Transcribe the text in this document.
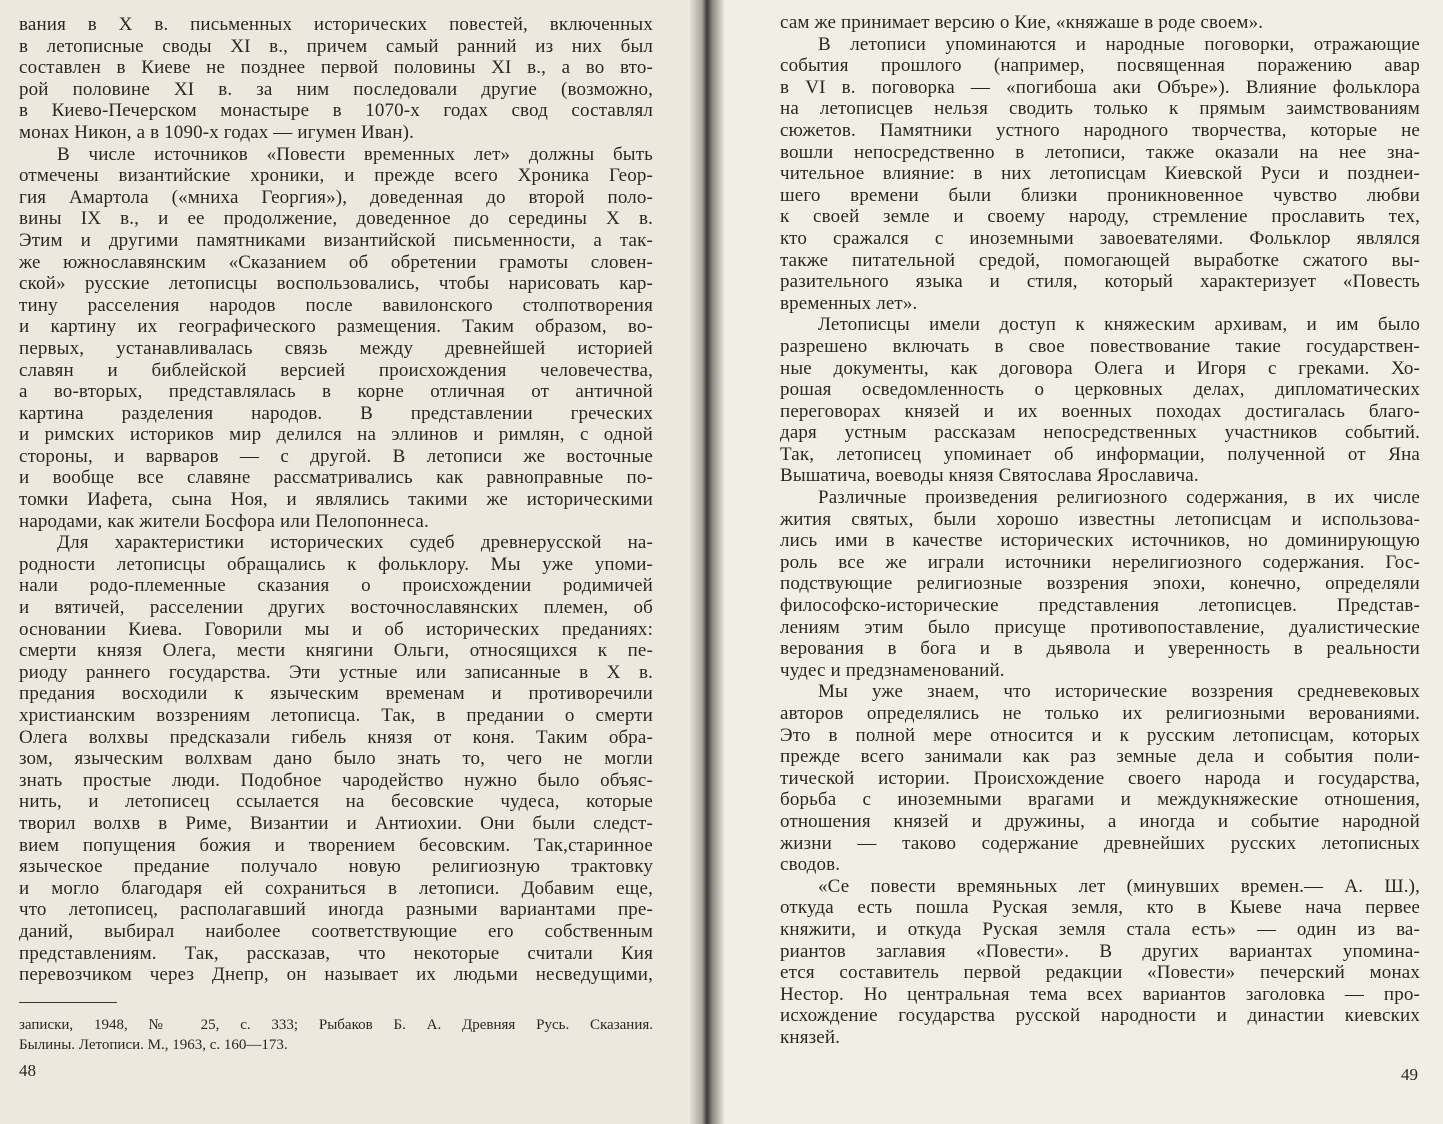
вания в X в. письменных исторических повестей, включенных
в летописные своды XI в., причем самый ранний из них был
составлен в Киеве не позднее первой половины XI в., а во вто-
рой половине XI в. за ним последовали другие (возможно,
в Киево-Печерском монастыре в 1070-х годах свод составлял
монах Никон, а в 1090-х годах — игумен Иван).
В числе источников «Повести временных лет» должны быть
отмечены византийские хроники, и прежде всего Хроника Геор-
гия Амартола («мниха Георгия»), доведенная до второй поло-
вины IX в., и ее продолжение, доведенное до середины X в.
Этим и другими памятниками византийской письменности, а так-
же южнославянским «Сказанием об обретении грамоты словен-
ской» русские летописцы воспользовались, чтобы нарисовать кар-
тину расселения народов после вавилонского столпотворения
и картину их географического размещения. Таким образом, во-
первых, устанавливалась связь между древнейшей историей
славян и библейской версией происхождения человечества,
а во-вторых, представлялась в корне отличная от античной
картина разделения народов. В представлении греческих
и римских историков мир делился на эллинов и римлян, с одной
стороны, и варваров — с другой. В летописи же восточные
и вообще все славяне рассматривались как равноправные по-
томки Иафета, сына Ноя, и являлись такими же историческими
народами, как жители Босфора или Пелопоннеса.
Для характеристики исторических судеб древнерусской на-
родности летописцы обращались к фольклору. Мы уже упоми-
нали родо-племенные сказания о происхождении родимичей
и вятичей, расселении других восточнославянских племен, об
основании Киева. Говорили мы и об исторических преданиях:
смерти князя Олега, мести княгини Ольги, относящихся к пе-
риоду раннего государства. Эти устные или записанные в X в.
предания восходили к языческим временам и противоречили
христианским воззрениям летописца. Так, в предании о смерти
Олега волхвы предсказали гибель князя от коня. Таким обра-
зом, языческим волхвам дано было знать то, чего не могли
знать простые люди. Подобное чародейство нужно было объяс-
нить, и летописец ссылается на бесовские чудеса, которые
творил волхв в Риме, Византии и Антиохии. Они были следст-
вием попущения божия и творением бесовским. Так,старинное
языческое предание получало новую религиозную трактовку
и могло благодаря ей сохраниться в летописи. Добавим еще,
что летописец, располагавший иногда разными вариантами пре-
даний, выбирал наиболее соответствующие его собственным
представлениям. Так, рассказав, что некоторые считали Кия
перевозчиком через Днепр, он называет их людьми несведущими,
записки, 1948, № 25, с. 333; Рыбаков Б. А. Древняя Русь. Сказания.
Былины. Летописи. М., 1963, с. 160—173.
48
сам же принимает версию о Кие, «княжаше в роде своем».
В летописи упоминаются и народные поговорки, отражающие
события прошлого (например, посвященная поражению авар
в VI в. поговорка — «погибоша аки Объре»). Влияние фольклора
на летописцев нельзя сводить только к прямым заимствованиям
сюжетов. Памятники устного народного творчества, которые не
вошли непосредственно в летописи, также оказали на нее зна-
чительное влияние: в них летописцам Киевской Руси и позднеи-
шего времени были близки проникновенное чувство любви
к своей земле и своему народу, стремление прославить тех,
кто сражался с иноземными завоевателями. Фольклор являлся
также питательной средой, помогающей выработке сжатого вы-
разительного языка и стиля, который характеризует «Повесть
временных лет».
Летописцы имели доступ к княжеским архивам, и им было
разрешено включать в свое повествование такие государствен-
ные документы, как договора Олега и Игоря с греками. Хо-
рошая осведомленность о церковных делах, дипломатических
переговорах князей и их военных походах достигалась благо-
даря устным рассказам непосредственных участников событий.
Так, летописец упоминает об информации, полученной от Яна
Вышатича, воеводы князя Святослава Ярославича.
Различные произведения религиозного содержания, в их числе
жития святых, были хорошо известны летописцам и использова-
лись ими в качестве исторических источников, но доминирующую
роль все же играли источники нерелигиозного содержания. Гос-
подствующие религиозные воззрения эпохи, конечно, определяли
философско-исторические представления летописцев. Представ-
лениям этим было присуще противопоставление, дуалистические
верования в бога и в дьявола и уверенность в реальности
чудес и предзнаменований.
Мы уже знаем, что исторические воззрения средневековых
авторов определялись не только их религиозными верованиями.
Это в полной мере относится и к русским летописцам, которых
прежде всего занимали как раз земные дела и события поли-
тической истории. Происхождение своего народа и государства,
борьба с иноземными врагами и междукняжеские отношения,
отношения князей и дружины, а иногда и событие народной
жизни — таково содержание древнейших русских летописных
сводов.
«Се повести времяньных лет (минувших времен.— А. Ш.),
откуда есть пошла Руская земля, кто в Кыеве нача первее
княжити, и откуда Руская земля стала есть» — один из ва-
риантов заглавия «Повести». В других вариантах упомина-
ется составитель первой редакции «Повести» печерский монах
Нестор. Но центральная тема всех вариантов заголовка — про-
исхождение государства русской народности и династии киевских
князей.
49
